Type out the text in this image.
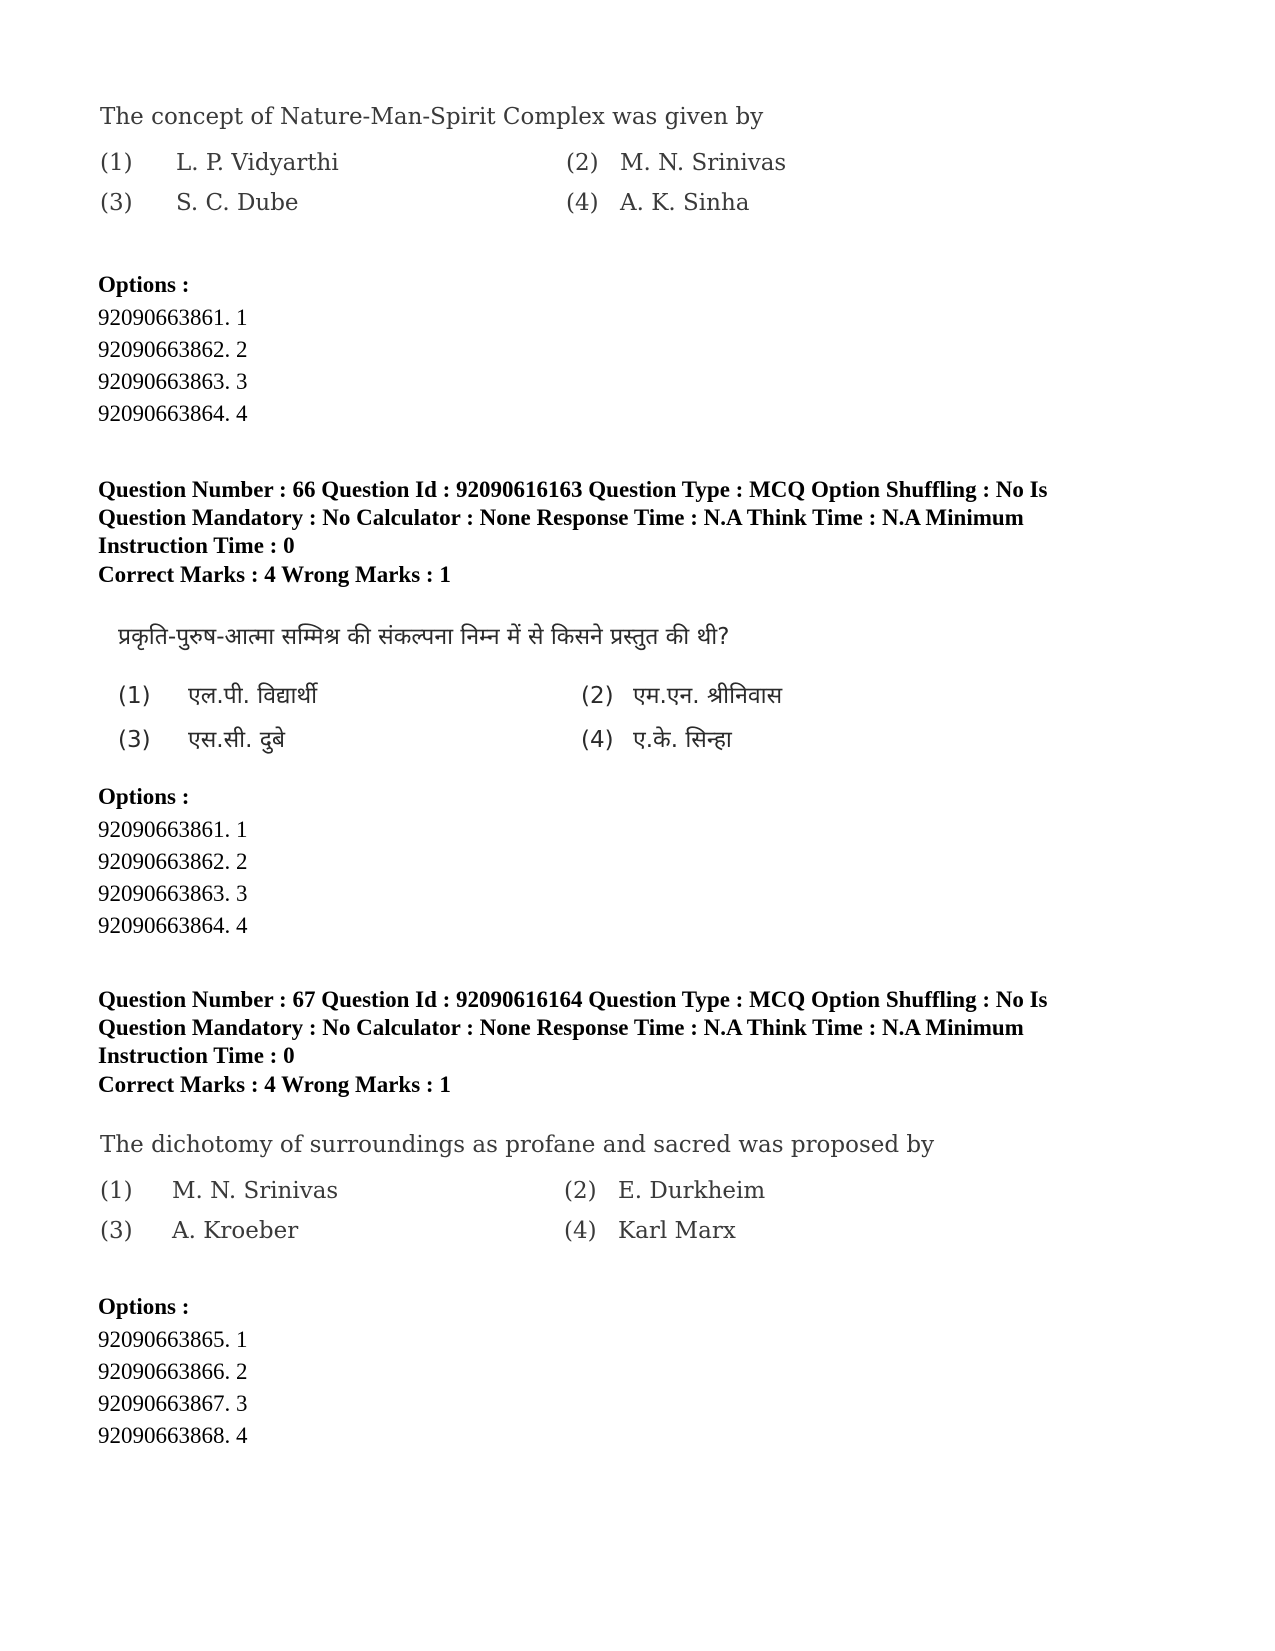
The concept of Nature-Man-Spirit Complex was given by
(1) L. P. Vidyarthi	(2) M. N. Srinivas
(3) S. C. Dube	(4) A. K. Sinha
Options :
92090663861. 1
92090663862. 2
92090663863. 3
92090663864. 4
Question Number : 66 Question Id : 92090616163 Question Type : MCQ Option Shuffling : No Is
Question Mandatory : No Calculator : None Response Time : N.A Think Time : N.A Minimum
Instruction Time : 0
Correct Marks : 4 Wrong Marks : 1
प्रकृति-पुरुष-आत्मा सम्मिश्र की संकल्पना निम्न में से किसने प्रस्तुत की थी?
(1) एल.पी. विद्यार्थी	(2) एम.एन. श्रीनिवास
(3) एस.सी. दुबे	(4) ए.के. सिन्हा
Options :
92090663861. 1
92090663862. 2
92090663863. 3
92090663864. 4
Question Number : 67 Question Id : 92090616164 Question Type : MCQ Option Shuffling : No Is
Question Mandatory : No Calculator : None Response Time : N.A Think Time : N.A Minimum
Instruction Time : 0
Correct Marks : 4 Wrong Marks : 1
The dichotomy of surroundings as profane and sacred was proposed by
(1) M. N. Srinivas	(2) E. Durkheim
(3) A. Kroeber	(4) Karl Marx
Options :
92090663865. 1
92090663866. 2
92090663867. 3
92090663868. 4
